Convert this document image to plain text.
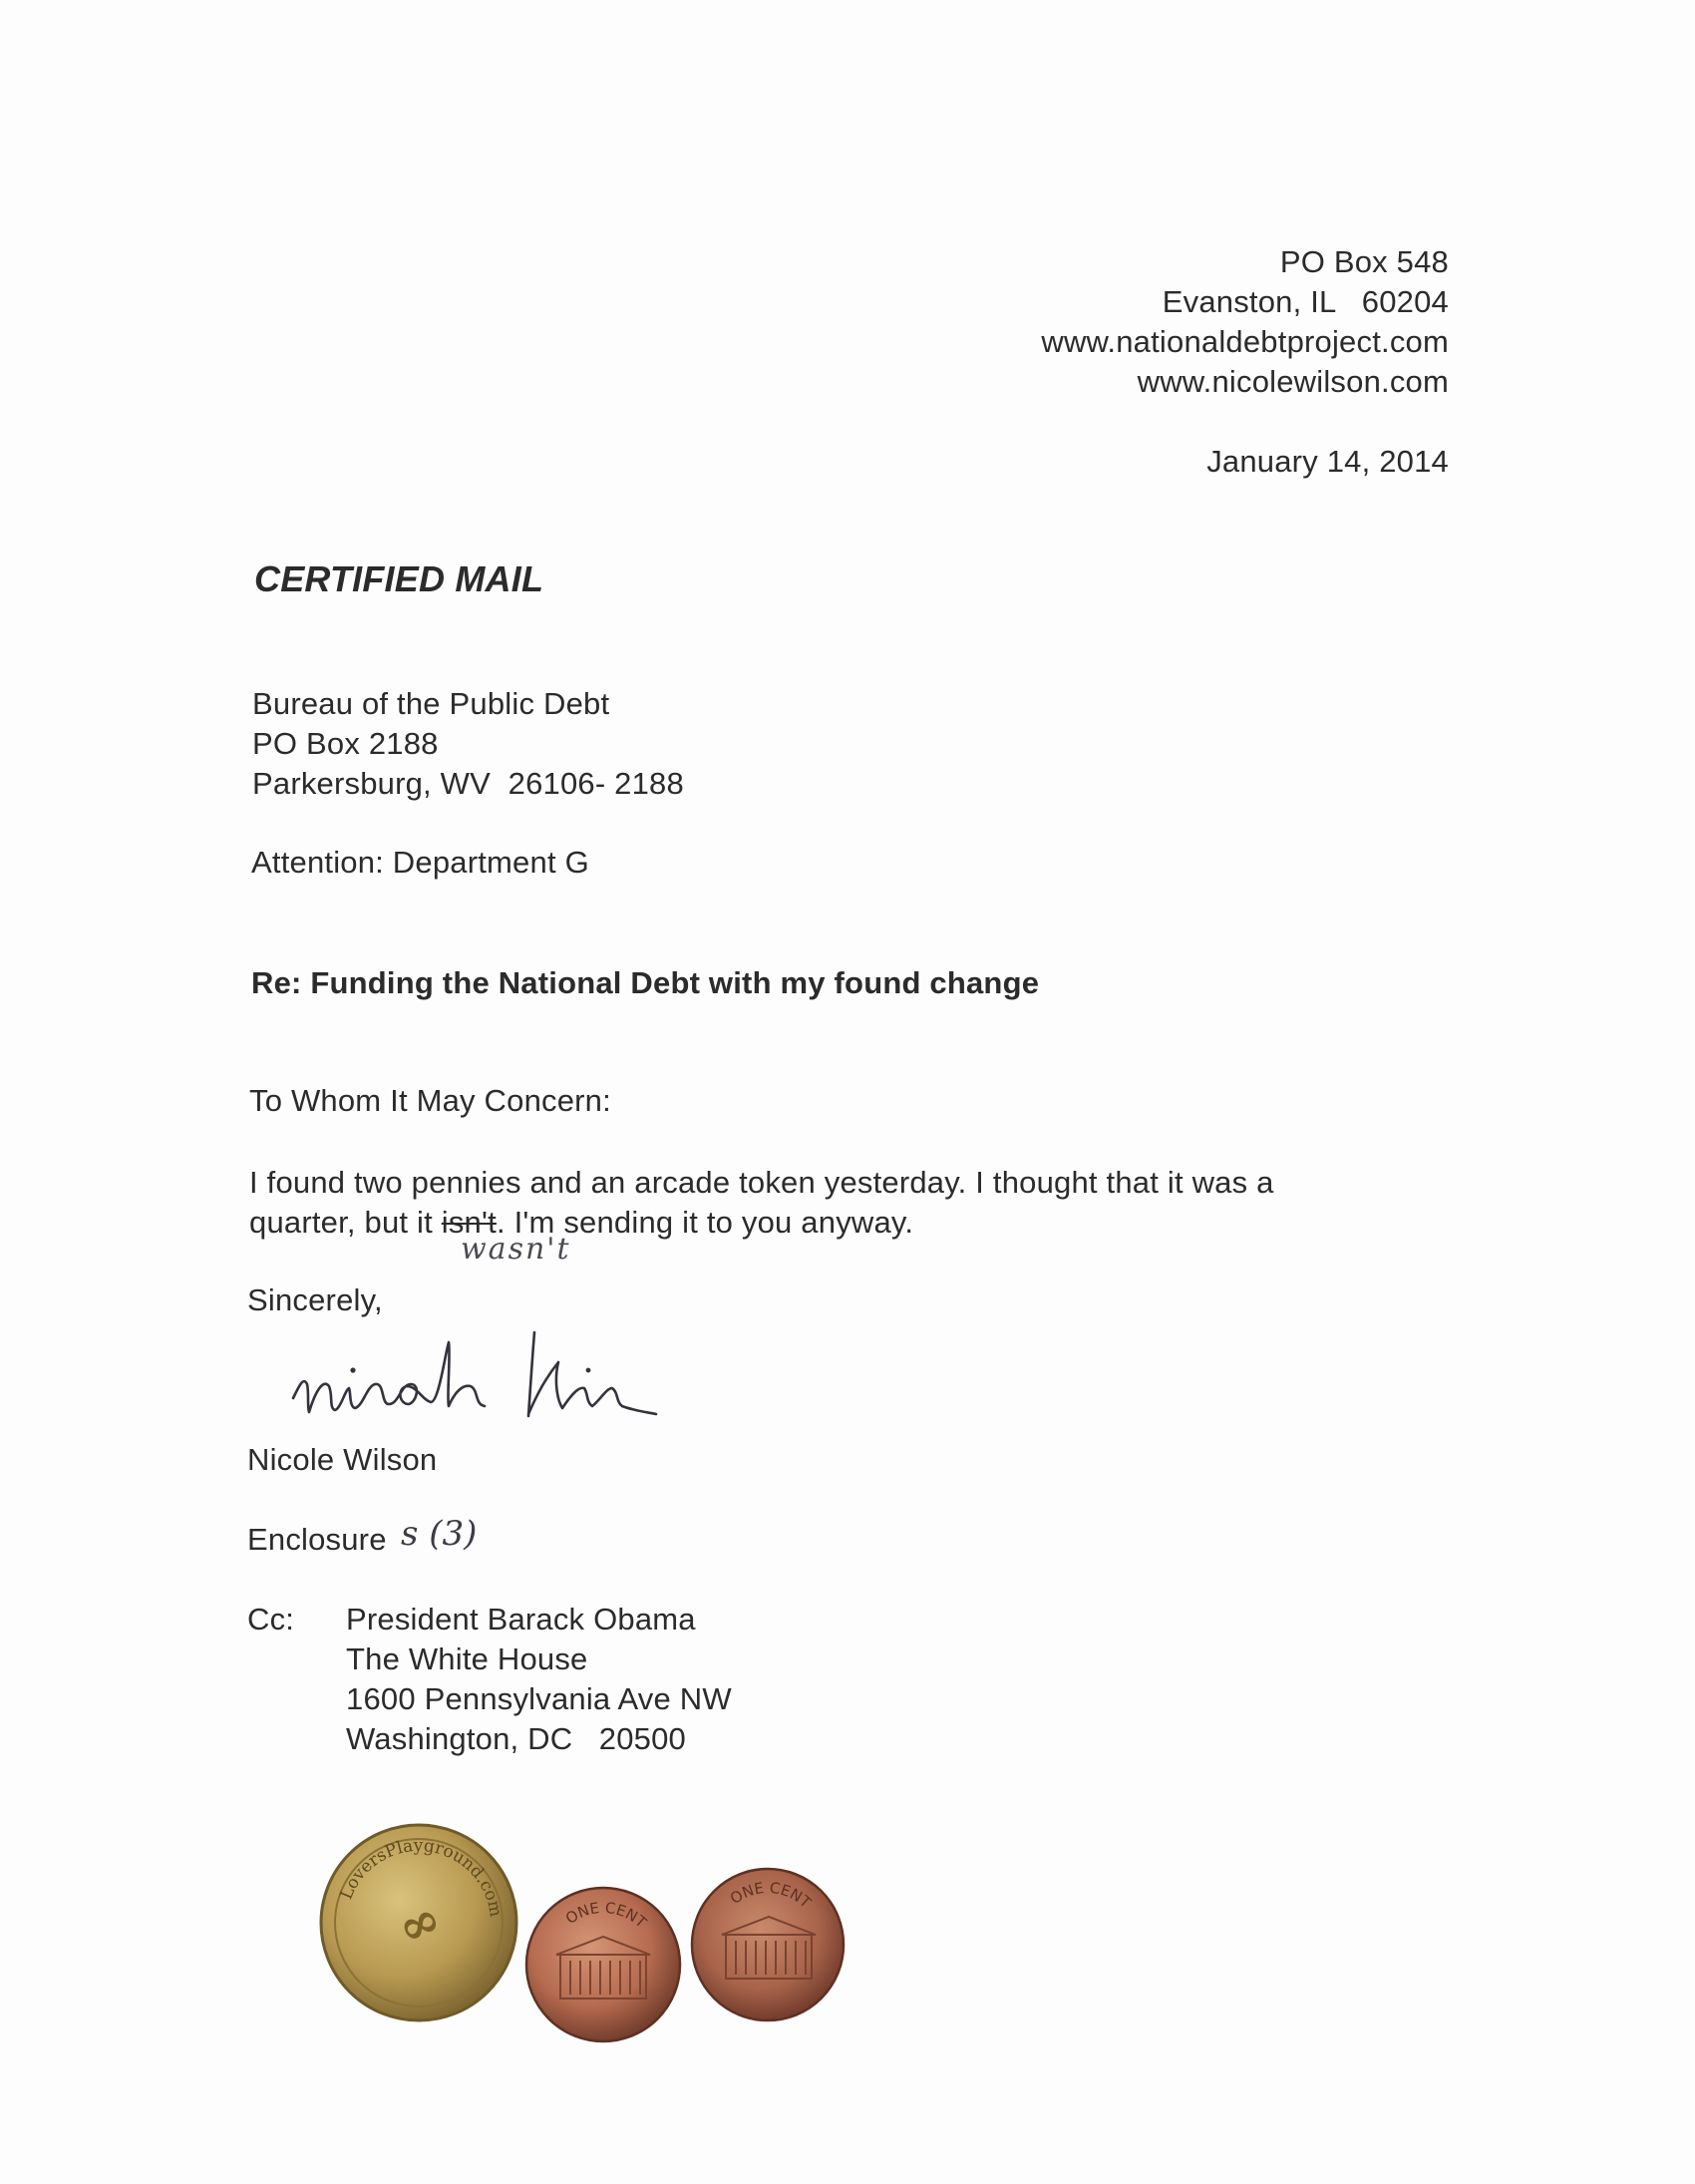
PO Box 548
Evanston, IL   60204
www.nationaldebtproject.com
www.nicolewilson.com
January 14, 2014
CERTIFIED MAIL
Bureau of the Public Debt
PO Box 2188
Parkersburg, WV  26106- 2188
Attention: Department G
Re: Funding the National Debt with my found change
To Whom It May Concern:
I found two pennies and an arcade token yesterday. I thought that it was a
quarter, but it isn't. I'm sending it to you anyway.
wasn't
Sincerely,
Nicole Wilson
Enclosure s (3)
Cc: President Barack Obama
The White House
1600 Pennsylvania Ave NW
Washington, DC   20500
LoversPlayground.com
∞	ONE CENT
ONE CENT
